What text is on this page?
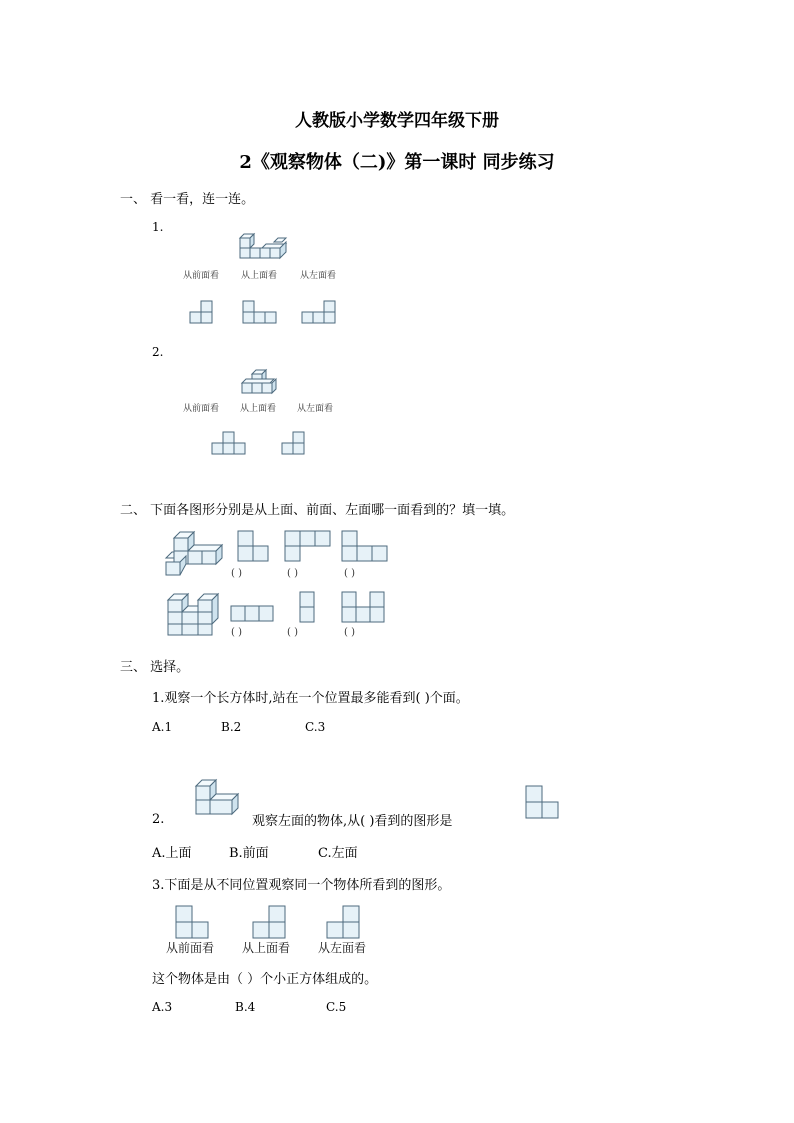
人教版小学数学四年级下册
2《观察物体（二)》第一课时 同步练习
一、 看一看，连一连。
1.
从前面看 从上面看	从左面看
2.
从前面看 从上面看 从左面看
二、 下面各图形分别是从上面、前面、左面哪一面看到的？填一填。
( )	( )	( )
( )	( )	( )
三、 选择。
1.观察一个长方体时,站在一个位置最多能看到( )个面。
A.1	B.2	C.3
2.	观察左面的物体,从( )看到的图形是
A.上面	B.前面	C.左面
3.下面是从不同位置观察同一个物体所看到的图形。
从前面看 从上面看 从左面看
这个物体是由（ ）个小正方体组成的。
A.3	B.4	C.5
